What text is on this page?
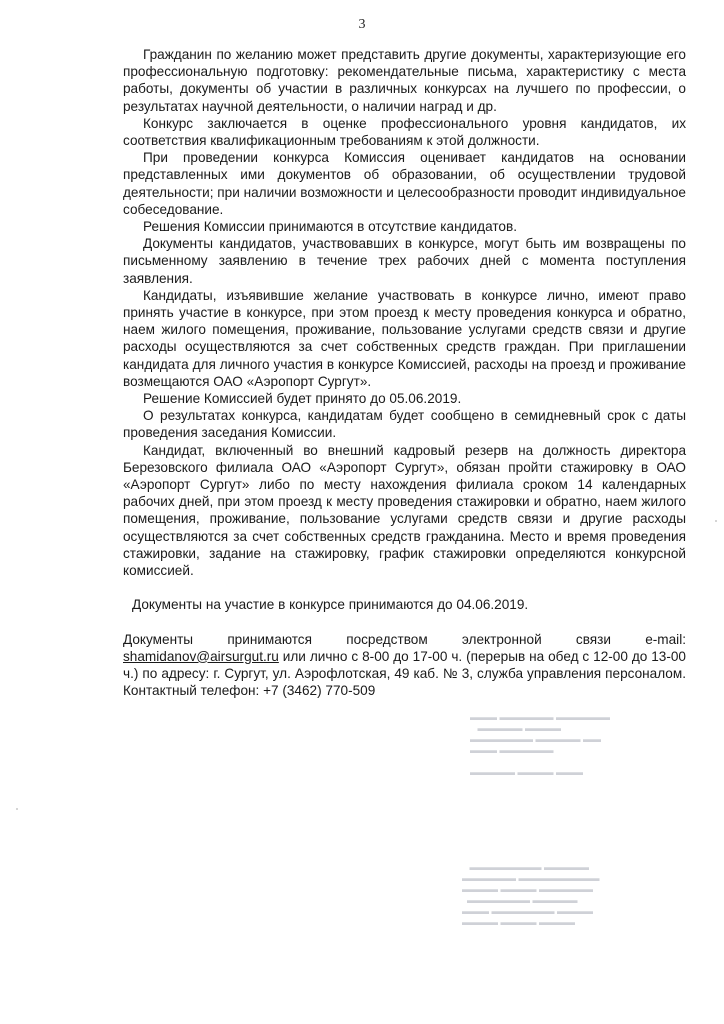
3

Гражданин по желанию может представить другие документы, характеризующие его профессиональную подготовку: рекомендательные письма, характеристику с места работы, документы об участии в различных конкурсах на лучшего по профессии, о результатах научной деятельности, о наличии наград и др.

Конкурс заключается в оценке профессионального уровня кандидатов, их соответствия квалификационным требованиям к этой должности.

При проведении конкурса Комиссия оценивает кандидатов на основании представленных ими документов об образовании, об осуществлении трудовой деятельности; при наличии возможности и целесообразности проводит индивидуальное собеседование.

Решения Комиссии принимаются в отсутствие кандидатов.

Документы кандидатов, участвовавших в конкурсе, могут быть им возвращены по письменному заявлению в течение трех рабочих дней с момента поступления заявления.

Кандидаты, изъявившие желание участвовать в конкурсе лично, имеют право принять участие в конкурсе, при этом проезд к месту проведения конкурса и обратно, наем жилого помещения, проживание, пользование услугами средств связи и другие расходы осуществляются за счет собственных средств граждан. При приглашении кандидата для личного участия в конкурсе Комиссией, расходы на проезд и проживание возмещаются ОАО «Аэропорт Сургут».

Решение Комиссией будет принято до 05.06.2019.

О результатах конкурса, кандидатам будет сообщено в семидневный срок с даты проведения заседания Комиссии.

Кандидат, включенный во внешний кадровый резерв на должность директора Березовского филиала ОАО «Аэропорт Сургут», обязан пройти стажировку в ОАО «Аэропорт Сургут» либо по месту нахождения филиала сроком 14 календарных рабочих дней, при этом проезд к месту проведения стажировки и обратно, наем жилого помещения, проживание, пользование услугами средств связи и другие расходы осуществляются за счет собственных средств гражданина. Место и время проведения стажировки, задание на стажировку, график стажировки определяются конкурсной комиссией.

Документы на участие в конкурсе принимаются до 04.06.2019.

Документы принимаются посредством электронной связи e-mail: shamidanov@airsurgut.ru или лично с 8-00 до 17-00 ч. (перерыв на обед с 12-00 до 13-00 ч.) по адресу: г. Сургут, ул. Аэрофлотская, 49 каб. № 3, служба управления персоналом. Контактный телефон: +7 (3462) 770-509

▬▬▬ ▬▬▬▬▬▬ ▬▬▬▬▬▬
▬▬▬▬▬ ▬▬▬▬
▬▬▬▬▬▬▬ ▬▬▬▬▬ ▬▬
▬▬▬ ▬▬▬▬▬▬

▬▬▬▬▬ ▬▬▬▬ ▬▬▬
▬▬▬▬▬▬▬▬ ▬▬▬▬▬
▬▬▬▬▬▬ ▬▬▬▬▬▬▬▬▬
▬▬▬▬ ▬▬▬▬ ▬▬▬▬▬▬
▬▬▬▬▬▬▬ ▬▬▬▬▬
▬▬▬ ▬▬▬▬▬▬▬ ▬▬▬▬
▬▬▬▬ ▬▬▬▬ ▬▬▬▬
